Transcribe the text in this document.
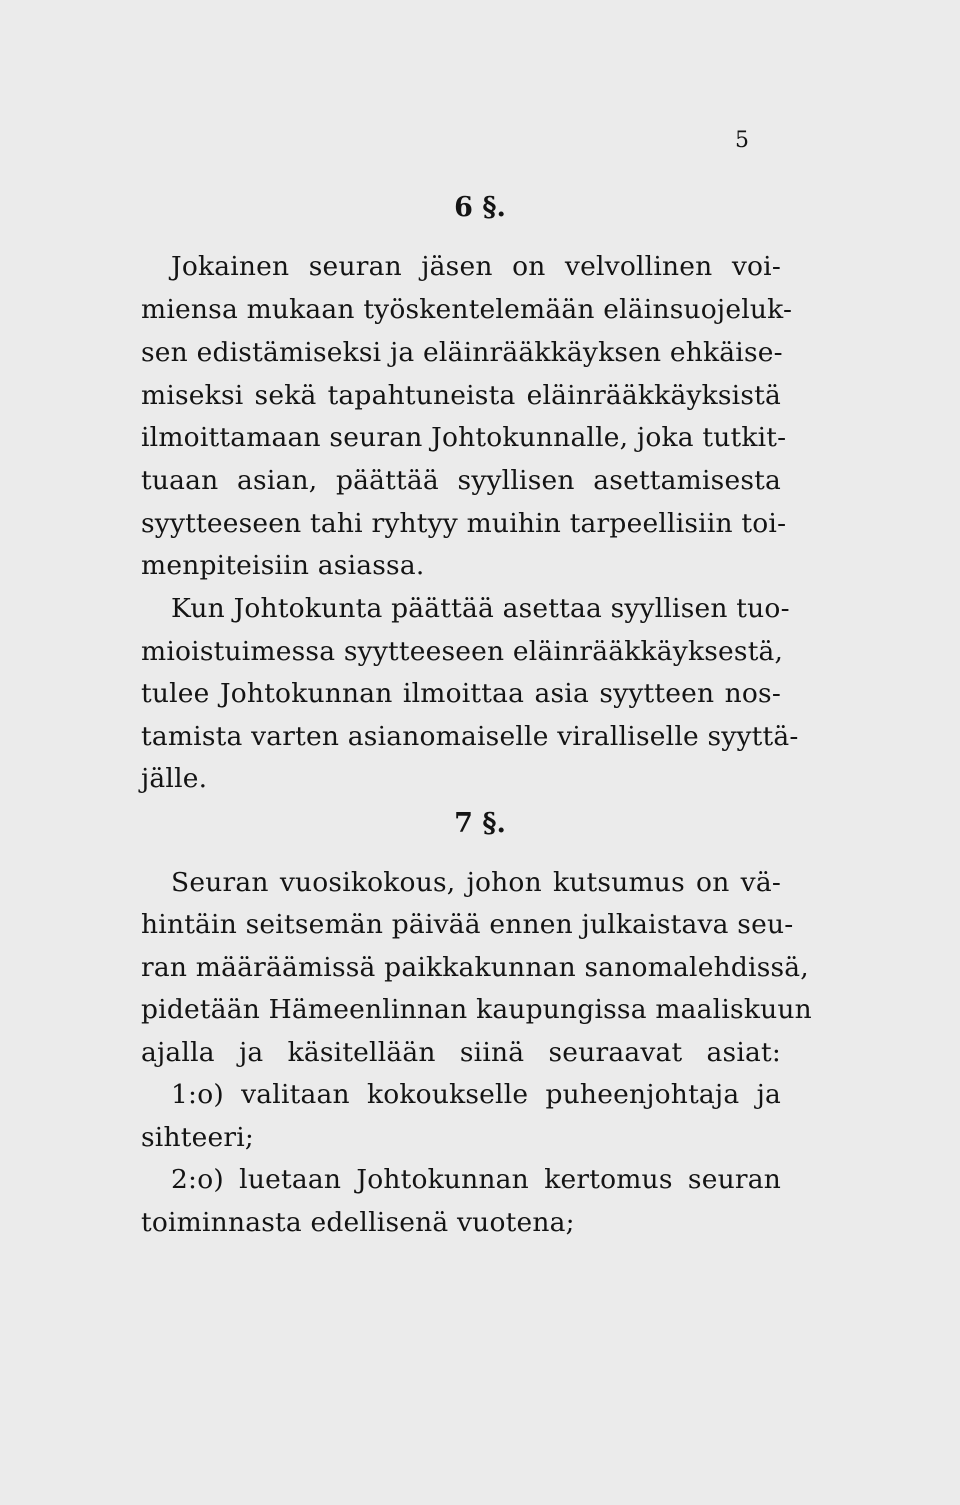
5
6 §.
Jokainen seuran jäsen on velvollinen voi-
miensa mukaan työskentelemään eläinsuojeluk-
sen edistämiseksi ja eläinrääkkäyksen ehkäise-
miseksi sekä tapahtuneista eläinrääkkäyksistä
ilmoittamaan seuran Johtokunnalle, joka tutkit-
tuaan asian, päättää syyllisen asettamisesta
syytteeseen tahi ryhtyy muihin tarpeellisiin toi-
menpiteisiin asiassa.
Kun Johtokunta päättää asettaa syyllisen tuo-
mioistuimessa syytteeseen eläinrääkkäyksestä,
tulee Johtokunnan ilmoittaa asia syytteen nos-
tamista varten asianomaiselle viralliselle syyttä-
jälle.
7 §.
Seuran vuosikokous, johon kutsumus on vä-
hintäin seitsemän päivää ennen julkaistava seu-
ran määräämissä paikkakunnan sanomalehdissä,
pidetään Hämeenlinnan kaupungissa maaliskuun
ajalla ja käsitellään siinä seuraavat asiat:
1:o) valitaan kokoukselle puheenjohtaja ja
sihteeri;
2:o) luetaan Johtokunnan kertomus seuran
toiminnasta edellisenä vuotena;
